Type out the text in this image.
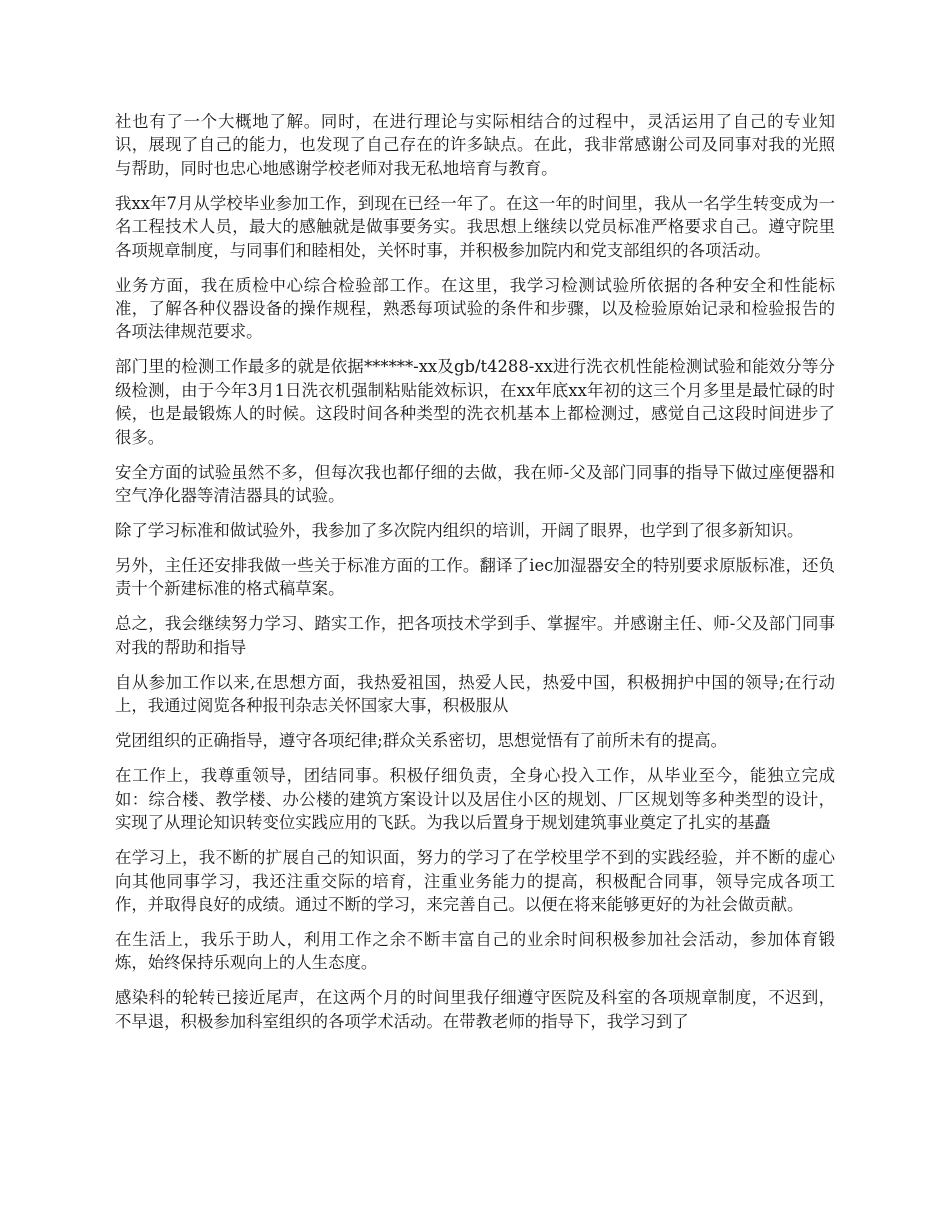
社也有了一个大概地了解。同时，在进行理论与实际相结合的过程中，灵活运用了自己的专业知识，展现了自己的能力，也发现了自己存在的许多缺点。在此，我非常感谢公司及同事对我的光照与帮助，同时也忠心地感谢学校老师对我无私地培育与教育。

我xx年7月从学校毕业参加工作，到现在已经一年了。在这一年的时间里，我从一名学生转变成为一名工程技术人员，最大的感触就是做事要务实。我思想上继续以党员标准严格要求自己。遵守院里各项规章制度，与同事们和睦相处，关怀时事，并积极参加院内和党支部组织的各项活动。

业务方面，我在质检中心综合检验部工作。在这里，我学习检测试验所依据的各种安全和性能标准，了解各种仪器设备的操作规程，熟悉每项试验的条件和步骤，以及检验原始记录和检验报告的各项法律规范要求。

部门里的检测工作最多的就是依据******-xx及gb/t4288-xx进行洗衣机性能检测试验和能效分等分级检测，由于今年3月1日洗衣机强制粘贴能效标识，在xx年底xx年初的这三个月多里是最忙碌的时候，也是最锻炼人的时候。这段时间各种类型的洗衣机基本上都检测过，感觉自己这段时间进步了很多。

安全方面的试验虽然不多，但每次我也都仔细的去做，我在师-父及部门同事的指导下做过座便器和空气净化器等清洁器具的试验。

除了学习标准和做试验外，我参加了多次院内组织的培训，开阔了眼界，也学到了很多新知识。

另外，主任还安排我做一些关于标准方面的工作。翻译了iec加湿器安全的特别要求原版标准，还负责十个新建标准的格式稿草案。

总之，我会继续努力学习、踏实工作，把各项技术学到手、掌握牢。并感谢主任、师-父及部门同事对我的帮助和指导

自从参加工作以来,在思想方面，我热爱祖国，热爱人民，热爱中国，积极拥护中国的领导;在行动上，我通过阅览各种报刊杂志关怀国家大事，积极服从

党团组织的正确指导，遵守各项纪律;群众关系密切，思想觉悟有了前所未有的提高。

在工作上，我尊重领导，团结同事。积极仔细负责，全身心投入工作，从毕业至今，能独立完成如：综合楼、教学楼、办公楼的建筑方案设计以及居住小区的规划、厂区规划等多种类型的设计，实现了从理论知识转变位实践应用的飞跃。为我以后置身于规划建筑事业奠定了扎实的基矗

在学习上，我不断的扩展自己的知识面，努力的学习了在学校里学不到的实践经验，并不断的虚心向其他同事学习，我还注重交际的培育，注重业务能力的提高，积极配合同事，领导完成各项工作，并取得良好的成绩。通过不断的学习，来完善自己。以便在将来能够更好的为社会做贡献。

在生活上，我乐于助人，利用工作之余不断丰富自己的业余时间积极参加社会活动，参加体育锻炼，始终保持乐观向上的人生态度。

感染科的轮转已接近尾声，在这两个月的时间里我仔细遵守医院及科室的各项规章制度，不迟到，不早退，积极参加科室组织的各项学术活动。在带教老师的指导下，我学习到了
